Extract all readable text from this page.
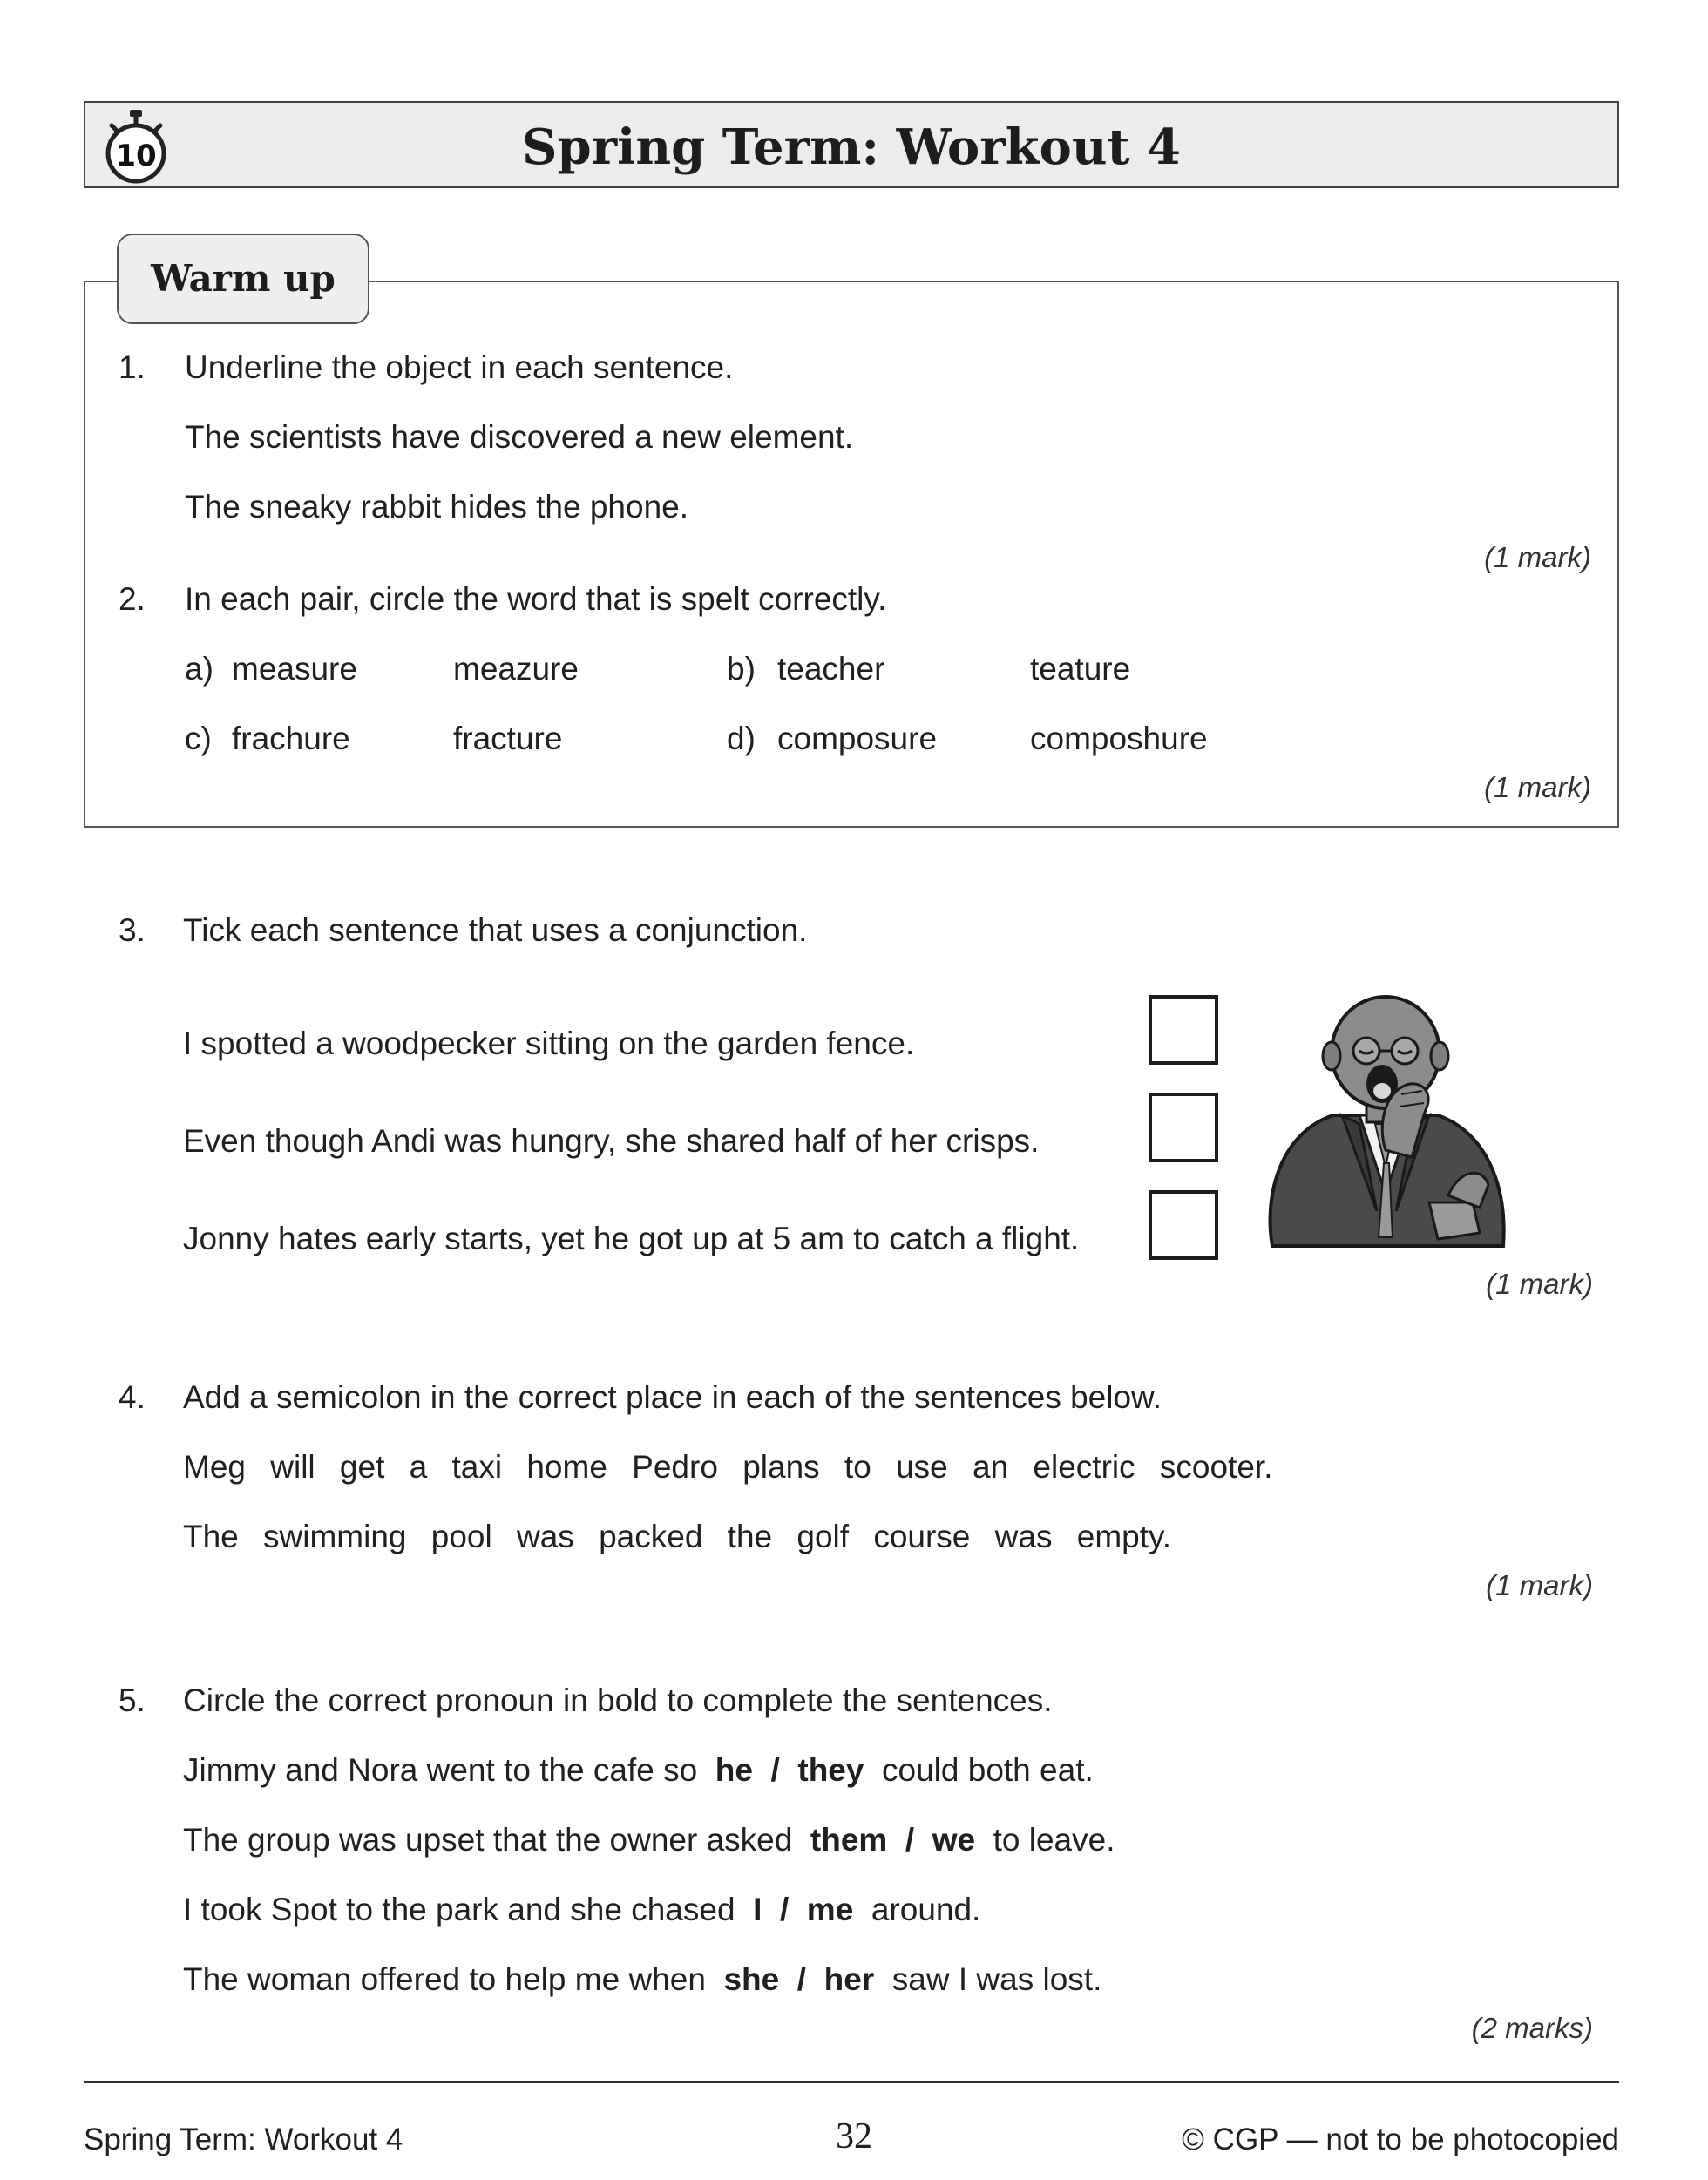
10	Spring Term: Workout 4
Warm up
1. Underline the object in each sentence.
The scientists have discovered a new element.
The sneaky rabbit hides the phone.
(1 mark)
2. In each pair, circle the word that is spelt correctly.
a) measure	meazure	b) teacher	teature
c) frachure	fracture	d) composure	composhure
(1 mark)
3. Tick each sentence that uses a conjunction.
I spotted a woodpecker sitting on the garden fence.
Even though Andi was hungry, she shared half of her crisps.
Jonny hates early starts, yet he got up at 5 am to catch a flight.
(1 mark)
4. Add a semicolon in the correct place in each of the sentences below.
Meg will get a taxi home Pedro plans to use an electric scooter.
The swimming pool was packed the golf course was empty.
(1 mark)
5. Circle the correct pronoun in bold to complete the sentences.
Jimmy and Nora went to the cafe so he / they could both eat.
The group was upset that the owner asked them / we to leave.
I took Spot to the park and she chased I / me around.
The woman offered to help me when she / her saw I was lost.
(2 marks)
Spring Term: Workout 4	32	© CGP — not to be photocopied
